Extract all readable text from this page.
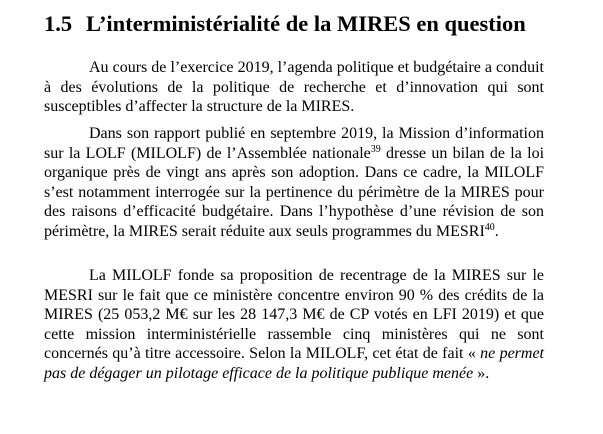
1.5 L’interministérialité de la MIRES en question

Au cours de l’exercice 2019, l’agenda politique et budgétaire a conduit à des évolutions de la politique de recherche et d’innovation qui sont susceptibles d’affecter la structure de la MIRES.

Dans son rapport publié en septembre 2019, la Mission d’information sur la LOLF (MILOLF) de l’Assemblée nationale$^{39}$ dresse un bilan de la loi organique près de vingt ans après son adoption. Dans ce cadre, la MILOLF s’est notamment interrogée sur la pertinence du périmètre de la MIRES pour des raisons d’efficacité budgétaire. Dans l’hypothèse d’une révision de son périmètre, la MIRES serait réduite aux seuls programmes du MESRI$^{40}$.

La MILOLF fonde sa proposition de recentrage de la MIRES sur le MESRI sur le fait que ce ministère concentre environ 90 % des crédits de la MIRES (25 053,2 M€ sur les 28 147,3 M€ de CP votés en LFI 2019) et que cette mission interministérielle rassemble cinq ministères qui ne sont concernés qu’à titre accessoire. Selon la MILOLF, cet état de fait « ne permet pas de dégager un pilotage efficace de la politique publique menée ».
